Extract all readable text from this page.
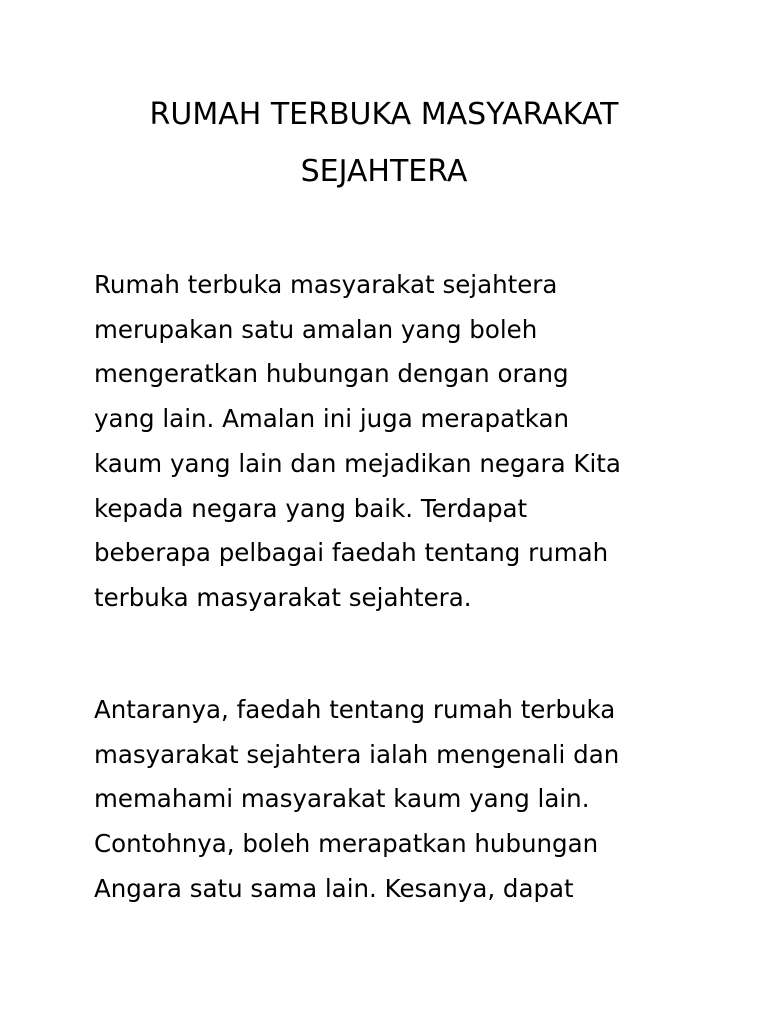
RUMAH TERBUKA MASYARAKAT
SEJAHTERA

Rumah terbuka masyarakat sejahtera
merupakan satu amalan yang boleh
mengeratkan hubungan dengan orang
yang lain. Amalan ini juga merapatkan
kaum yang lain dan mejadikan negara Kita
kepada negara yang baik. Terdapat
beberapa pelbagai faedah tentang rumah
terbuka masyarakat sejahtera.

Antaranya, faedah tentang rumah terbuka
masyarakat sejahtera ialah mengenali dan
memahami masyarakat kaum yang lain.
Contohnya, boleh merapatkan hubungan
Angara satu sama lain. Kesanya, dapat
